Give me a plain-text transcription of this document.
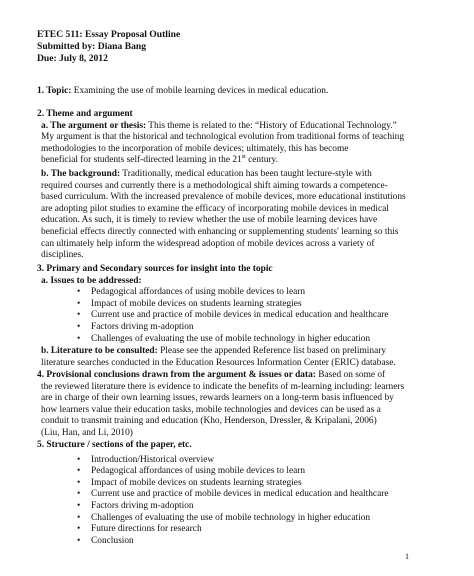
ETEC 511: Essay Proposal Outline
Submitted by: Diana Bang
Due: July 8, 2012
1. Topic: Examining the use of mobile learning devices in medical education.
2. Theme and argument
a. The argument or thesis: This theme is related to the: “History of Educational Technology.”
My argument is that the historical and technological evolution from traditional forms of teaching
methodologies to the incorporation of mobile devices; ultimately, this has become
beneficial for students self-directed learning in the 21st century.
b. The background: Traditionally, medical education has been taught lecture-style with
required courses and currently there is a methodological shift aiming towards a competence-
based curriculum. With the increased prevalence of mobile devices, more educational institutions
are adopting pilot studies to examine the efficacy of incorporating mobile devices in medical
education. As such, it is timely to review whether the use of mobile learning devices have
beneficial effects directly connected with enhancing or supplementing students' learning so this
can ultimately help inform the widespread adoption of mobile devices across a variety of
disciplines.
3. Primary and Secondary sources for insight into the topic
a. Issues to be addressed:
• Pedagogical affordances of using mobile devices to learn
• Impact of mobile devices on students learning strategies
• Current use and practice of mobile devices in medical education and healthcare
• Factors driving m-adoption
• Challenges of evaluating the use of mobile technology in higher education
b. Literature to be consulted: Please see the appended Reference list based on preliminary
literature searches conducted in the Education Resources Information Center (ERIC) database.
4. Provisional conclusions drawn from the argument & issues or data: Based on some of
the reviewed literature there is evidence to indicate the benefits of m-learning including: learners
are in charge of their own learning issues, rewards learners on a long-term basis influenced by
how learners value their education tasks, mobile technologies and devices can be used as a
conduit to transmit training and education (Kho, Henderson, Dressler, & Kripalani, 2006)
(Liu, Han, and Li, 2010)
5. Structure / sections of the paper, etc.
• Introduction/Historical overview
• Pedagogical affordances of using mobile devices to learn
• Impact of mobile devices on students learning strategies
• Current use and practice of mobile devices in medical education and healthcare
• Factors driving m-adoption
• Challenges of evaluating the use of mobile technology in higher education
• Future directions for research
• Conclusion
1
